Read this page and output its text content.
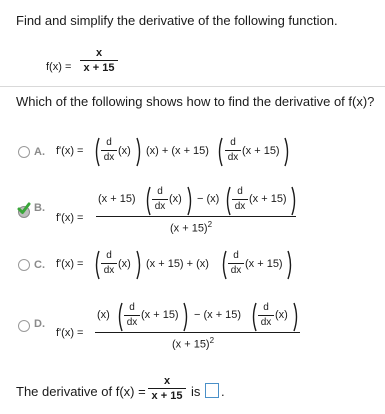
Find and simplify the derivative of the following function.
f(x) =
x
x + 15
Which of the following shows how to find the derivative of f(x)?
A. f'(x) =
d
dx
(x) (x) + (x + 15)
d
dx
(x + 15)
B.
f'(x) =
(x + 15)
d
dx
(x) − (x)
d
dx
(x + 15)
$(x + 15)^2$
C. f'(x) =
d
dx
(x) (x + 15) + (x)
d
dx
(x + 15)
D.
f'(x) =
(x)
d
dx
(x + 15) − (x + 15)
d
dx
(x)
$(x + 15)^2$
The derivative of f(x) =
x
x + 15 is .
